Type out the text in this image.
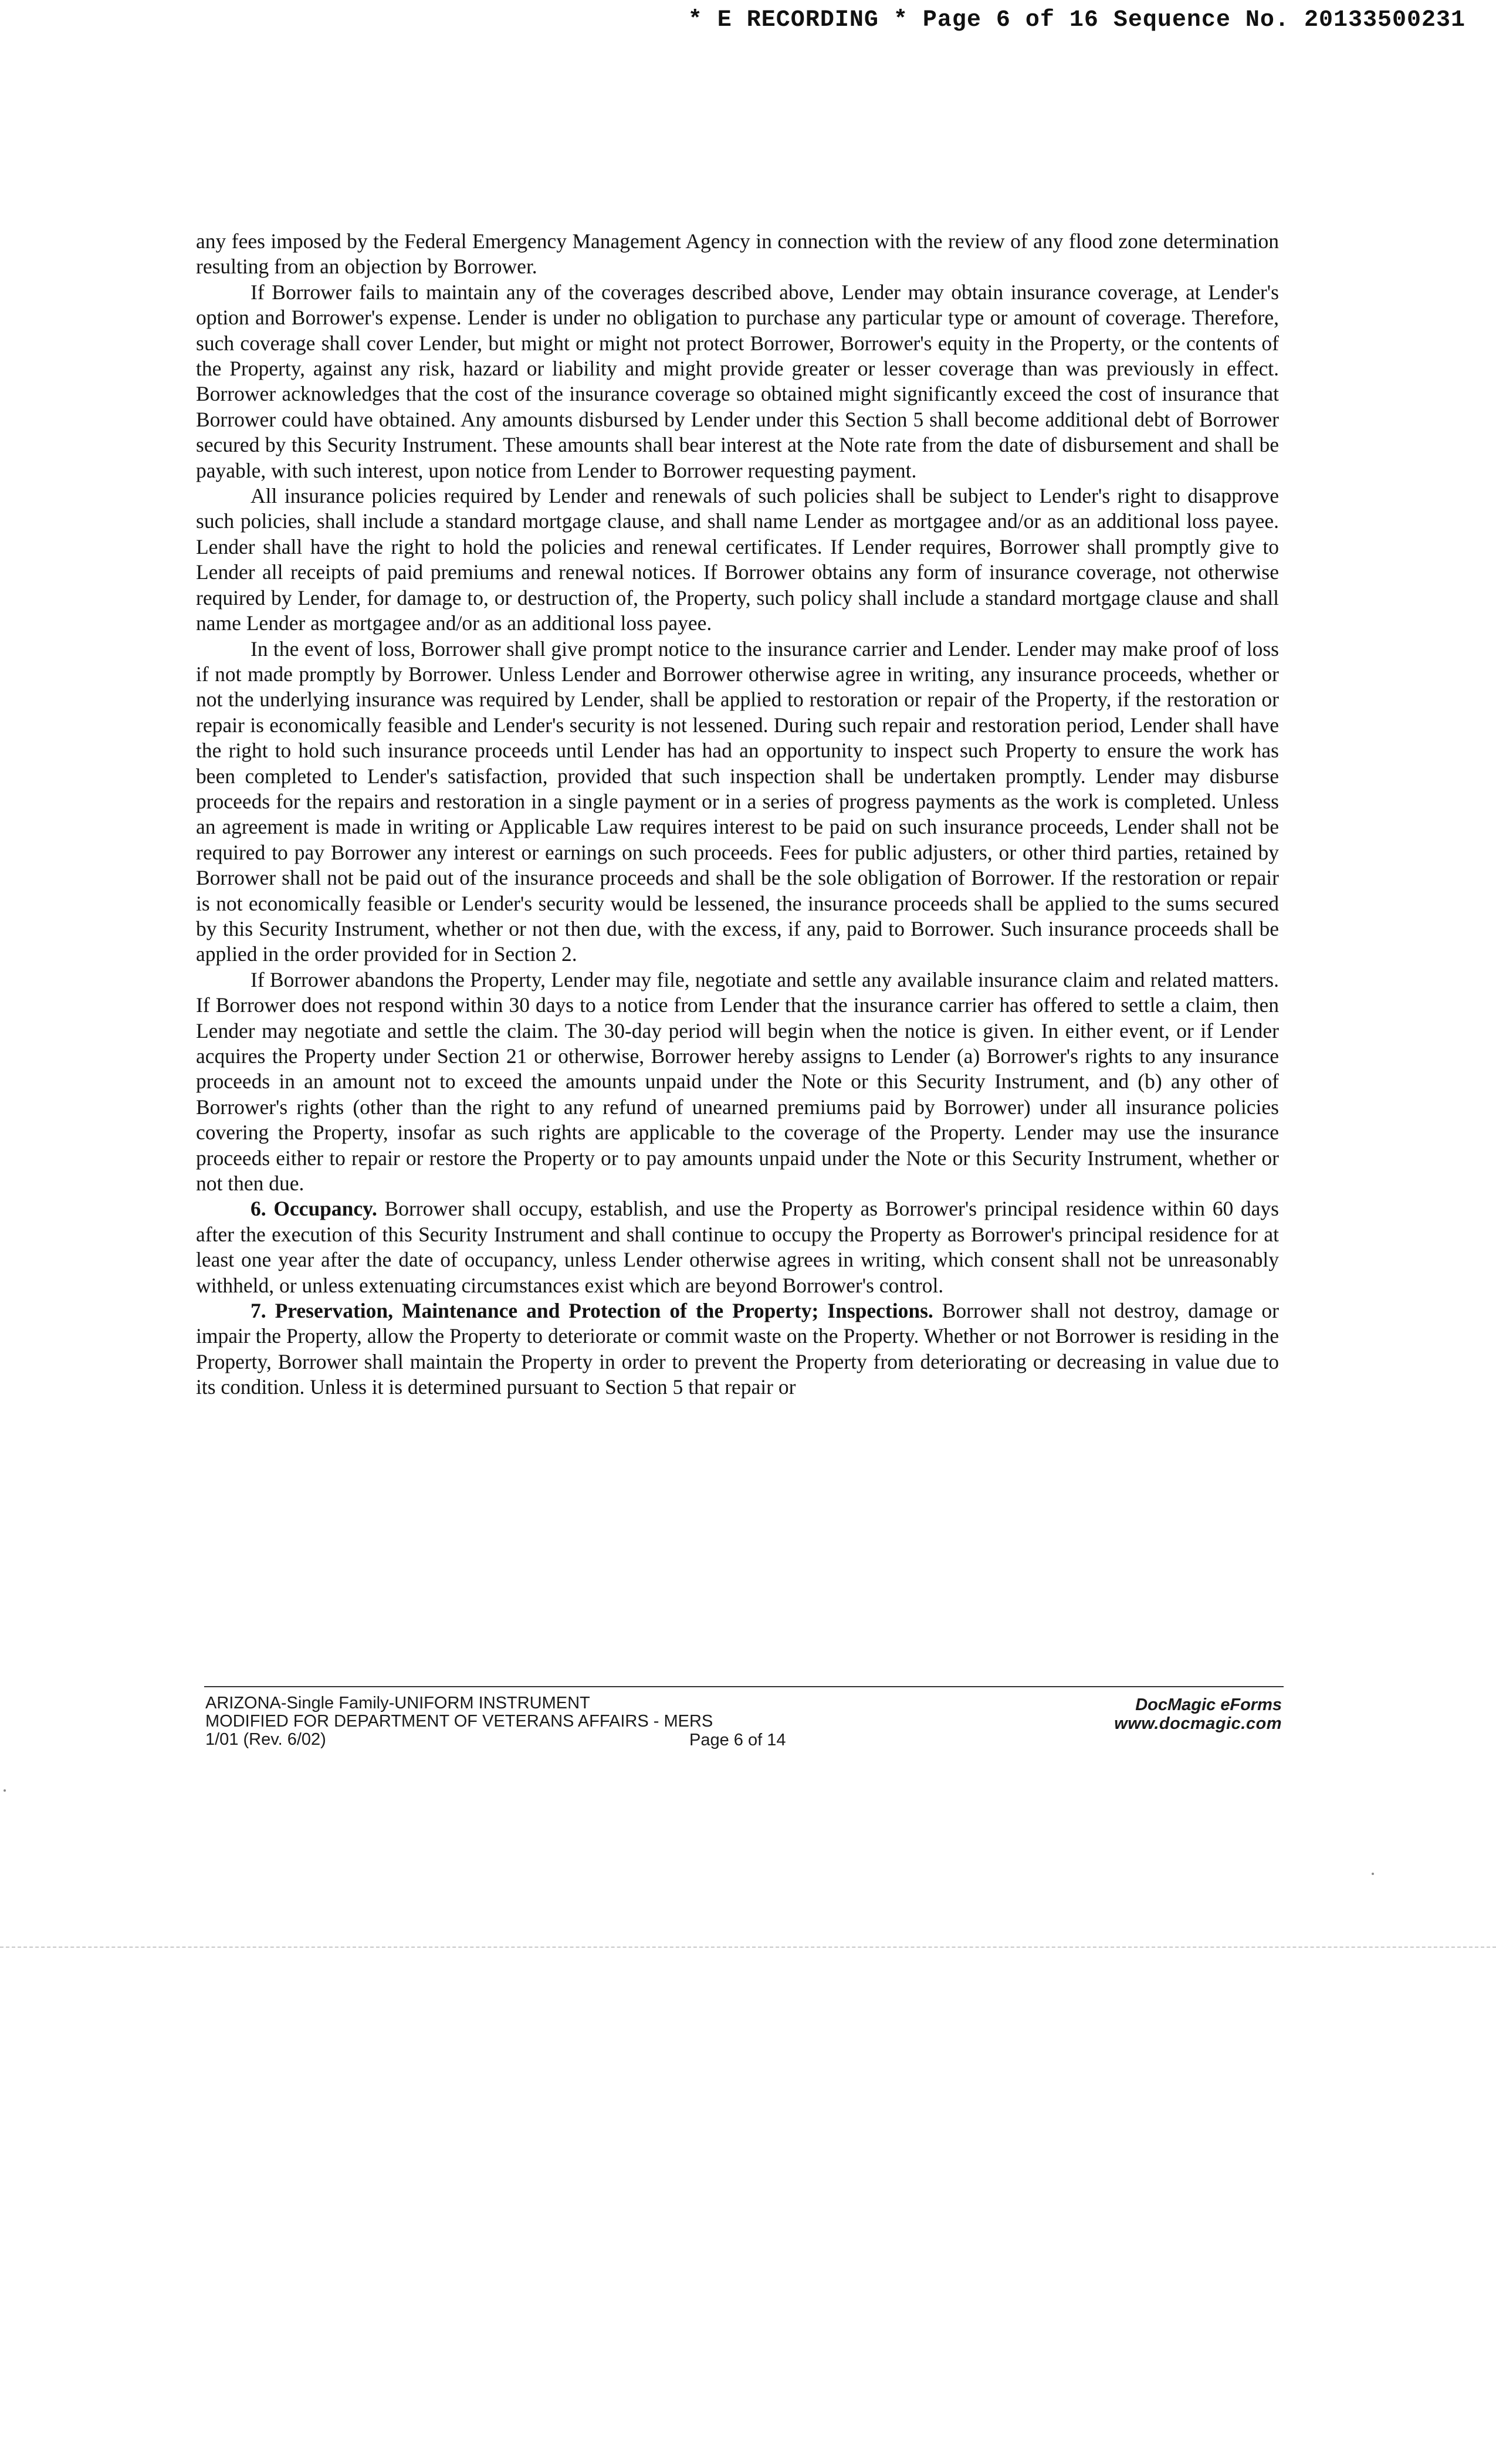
* E RECORDING * Page 6 of 16 Sequence No. 20133500231

any fees imposed by the Federal Emergency Management Agency in connection with the review of any flood zone determination resulting from an objection by Borrower.

If Borrower fails to maintain any of the coverages described above, Lender may obtain insurance coverage, at Lender's option and Borrower's expense. Lender is under no obligation to purchase any particular type or amount of coverage. Therefore, such coverage shall cover Lender, but might or might not protect Borrower, Borrower's equity in the Property, or the contents of the Property, against any risk, hazard or liability and might provide greater or lesser coverage than was previously in effect. Borrower acknowledges that the cost of the insurance coverage so obtained might significantly exceed the cost of insurance that Borrower could have obtained. Any amounts disbursed by Lender under this Section 5 shall become additional debt of Borrower secured by this Security Instrument. These amounts shall bear interest at the Note rate from the date of disbursement and shall be payable, with such interest, upon notice from Lender to Borrower requesting payment.

All insurance policies required by Lender and renewals of such policies shall be subject to Lender's right to disapprove such policies, shall include a standard mortgage clause, and shall name Lender as mortgagee and/or as an additional loss payee. Lender shall have the right to hold the policies and renewal certificates. If Lender requires, Borrower shall promptly give to Lender all receipts of paid premiums and renewal notices. If Borrower obtains any form of insurance coverage, not otherwise required by Lender, for damage to, or destruction of, the Property, such policy shall include a standard mortgage clause and shall name Lender as mortgagee and/or as an additional loss payee.

In the event of loss, Borrower shall give prompt notice to the insurance carrier and Lender. Lender may make proof of loss if not made promptly by Borrower. Unless Lender and Borrower otherwise agree in writing, any insurance proceeds, whether or not the underlying insurance was required by Lender, shall be applied to restoration or repair of the Property, if the restoration or repair is economically feasible and Lender's security is not lessened. During such repair and restoration period, Lender shall have the right to hold such insurance proceeds until Lender has had an opportunity to inspect such Property to ensure the work has been completed to Lender's satisfaction, provided that such inspection shall be undertaken promptly. Lender may disburse proceeds for the repairs and restoration in a single payment or in a series of progress payments as the work is completed. Unless an agreement is made in writing or Applicable Law requires interest to be paid on such insurance proceeds, Lender shall not be required to pay Borrower any interest or earnings on such proceeds. Fees for public adjusters, or other third parties, retained by Borrower shall not be paid out of the insurance proceeds and shall be the sole obligation of Borrower. If the restoration or repair is not economically feasible or Lender's security would be lessened, the insurance proceeds shall be applied to the sums secured by this Security Instrument, whether or not then due, with the excess, if any, paid to Borrower. Such insurance proceeds shall be applied in the order provided for in Section 2.

If Borrower abandons the Property, Lender may file, negotiate and settle any available insurance claim and related matters. If Borrower does not respond within 30 days to a notice from Lender that the insurance carrier has offered to settle a claim, then Lender may negotiate and settle the claim. The 30-day period will begin when the notice is given. In either event, or if Lender acquires the Property under Section 21 or otherwise, Borrower hereby assigns to Lender (a) Borrower's rights to any insurance proceeds in an amount not to exceed the amounts unpaid under the Note or this Security Instrument, and (b) any other of Borrower's rights (other than the right to any refund of unearned premiums paid by Borrower) under all insurance policies covering the Property, insofar as such rights are applicable to the coverage of the Property. Lender may use the insurance proceeds either to repair or restore the Property or to pay amounts unpaid under the Note or this Security Instrument, whether or not then due.

6. Occupancy. Borrower shall occupy, establish, and use the Property as Borrower's principal residence within 60 days after the execution of this Security Instrument and shall continue to occupy the Property as Borrower's principal residence for at least one year after the date of occupancy, unless Lender otherwise agrees in writing, which consent shall not be unreasonably withheld, or unless extenuating circumstances exist which are beyond Borrower's control.

7. Preservation, Maintenance and Protection of the Property; Inspections. Borrower shall not destroy, damage or impair the Property, allow the Property to deteriorate or commit waste on the Property. Whether or not Borrower is residing in the Property, Borrower shall maintain the Property in order to prevent the Property from deteriorating or decreasing in value due to its condition. Unless it is determined pursuant to Section 5 that repair or

ARIZONA-Single Family-UNIFORM INSTRUMENT
MODIFIED FOR DEPARTMENT OF VETERANS AFFAIRS - MERS
1/01 (Rev. 6/02)	Page 6 of 14
DocMagic eForms
www.docmagic.com
